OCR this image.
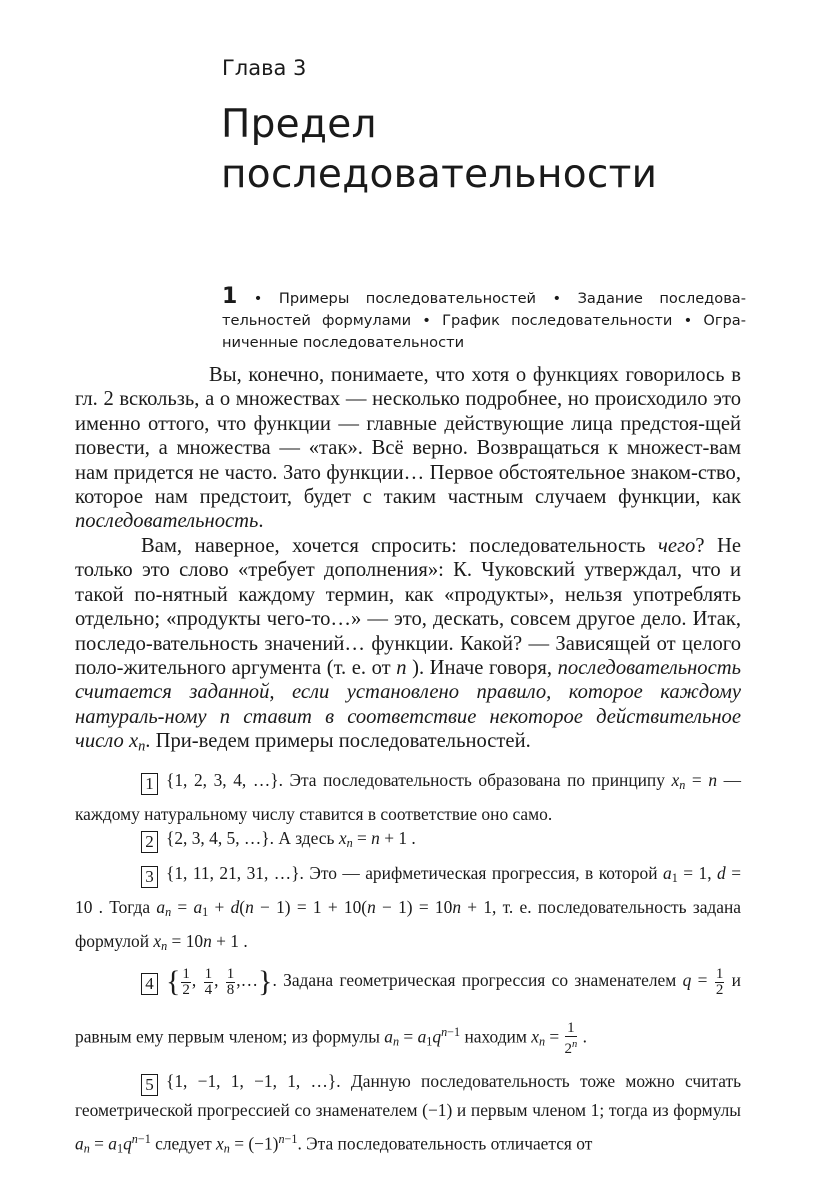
Глава 3
Предел
последовательности
1 • Примеры последовательностей • Задание последова-тельностей формулами • График последовательности • Огра-ниченные последовательности

Вы, конечно, понимаете, что хотя о функциях говорилось в гл. 2 вскользь, а о множествах — несколько подробнее, но происходило это именно оттого, что функции — главные действующие лица предстоя-щей повести, а множества — «так». Всё верно. Возвращаться к множест-вам нам придется не часто. Зато функции… Первое обстоятельное знаком-ство, которое нам предстоит, будет с таким частным случаем функции, как последовательность.

Вам, наверное, хочется спросить: последовательность чего? Не только это слово «требует дополнения»: К. Чуковский утверждал, что и такой по-нятный каждому термин, как «продукты», нельзя употреблять отдельно; «продукты чего-то…» — это, дескать, совсем другое дело. Итак, последо-вательность значений… функции. Какой? — Зависящей от целого поло-жительного аргумента (т. е. от n ). Иначе говоря, последовательность считается заданной, если установлено правило, которое каждому натураль-ному n ставит в соответствие некоторое действительное число $x_n$. При-ведем примеры последовательностей.

1 {1, 2, 3, 4, …}. Эта последовательность образована по принципу $x_n = n$ — каждому натуральному числу ставится в соответствие оно само.
2 {2, 3, 4, 5, …}. А здесь $x_n = n + 1$ .
3 {1, 11, 21, 31, …}. Это — арифметическая прогрессия, в которой $a_1 = 1$, d = 10 . Тогда $a_n = a_1 + d(n - 1) = 1 + 10(n - 1) = 10n + 1$, т. е. последовательность задана формулой $x_n = 10n + 1$ .
4 { $\frac{1}{2}$ , $\frac{1}{4}$ , $\frac{1}{8}$ ,…}. Задана геометрическая прогрессия со знаменателем $q = \frac{1}{2}$ и равным ему первым членом; из формулы $a_n = a_1q^{n-1}$ находим $x_n = \frac{1}{2^n}$ .
5 {1, −1, 1, −1, 1, …}. Данную последовательность тоже можно считать геометрической прогрессией со знаменателем (−1) и первым членом 1; тогда из формулы $a_n = a_1q^{n-1}$ следует $x_n = (-1)^{n-1}$. Эта последовательность отличается от
